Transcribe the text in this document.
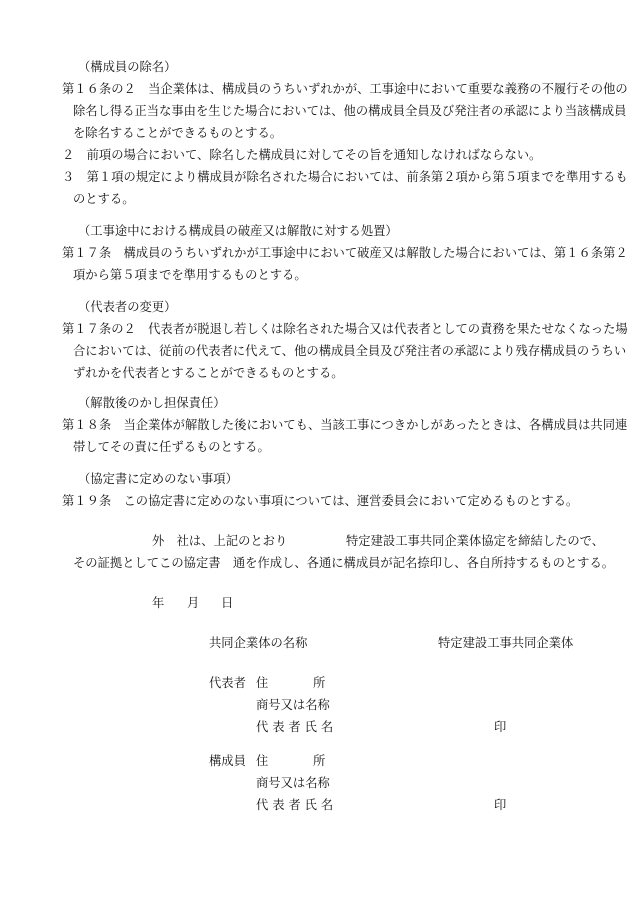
（構成員の除名）
第１６条の２　当企業体は、構成員のうちいずれかが、工事途中において重要な義務の不履行その他の
除名し得る正当な事由を生じた場合においては、他の構成員全員及び発注者の承認により当該構成員
を除名することができるものとする。
２　前項の場合において、除名した構成員に対してその旨を通知しなければならない。
３　第１項の規定により構成員が除名された場合においては、前条第２項から第５項までを準用するも
のとする。
（工事途中における構成員の破産又は解散に対する処置）
第１７条　構成員のうちいずれかが工事途中において破産又は解散した場合においては、第１６条第２
項から第５項までを準用するものとする。
（代表者の変更）
第１７条の２　代表者が脱退し若しくは除名された場合又は代表者としての責務を果たせなくなった場
合においては、従前の代表者に代えて、他の構成員全員及び発注者の承認により残存構成員のうちい
ずれかを代表者とすることができるものとする。
（解散後のかし担保責任）
第１８条　当企業体が解散した後においても、当該工事につきかしがあったときは、各構成員は共同連
帯してその責に任ずるものとする。
（協定書に定めのない事項）
第１９条　この協定書に定めのない事項については、運営委員会において定めるものとする。
外　社は、上記のとおり	特定建設工事共同企業体協定を締結したので、
その証拠としてこの協定書　通を作成し、各通に構成員が記名捺印し、各自所持するものとする。
年 月 日
共同企業体の名称	特定建設工事共同企業体
代表者 住	所
商号又は名称
代 表 者 氏 名	印
構成員 住	所
商号又は名称
代 表 者 氏 名	印
